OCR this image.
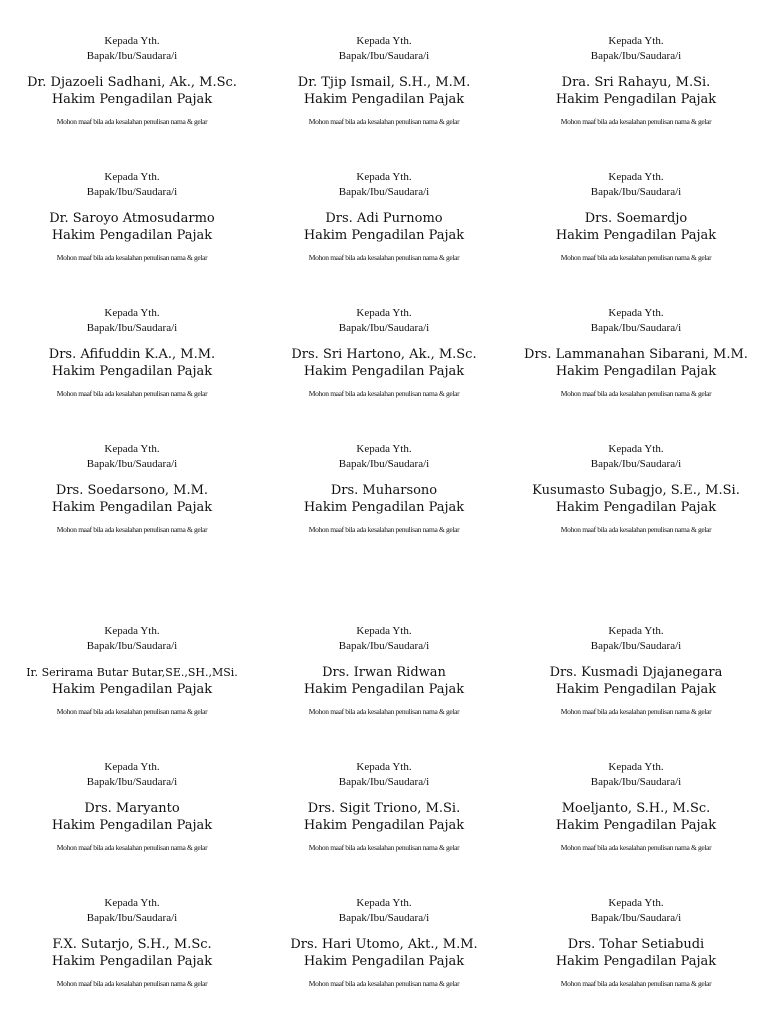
Kepada Yth.
Bapak/Ibu/Saudara/i
Dr. Djazoeli Sadhani, Ak., M.Sc.
Hakim Pengadilan Pajak
Mohon maaf bila ada kesalahan penulisan nama & gelar
Kepada Yth.
Bapak/Ibu/Saudara/i
Dr. Tjip Ismail, S.H., M.M.
Hakim Pengadilan Pajak
Mohon maaf bila ada kesalahan penulisan nama & gelar
Kepada Yth.
Bapak/Ibu/Saudara/i
Dra. Sri Rahayu, M.Si.
Hakim Pengadilan Pajak
Mohon maaf bila ada kesalahan penulisan nama & gelar
Kepada Yth.
Bapak/Ibu/Saudara/i
Dr. Saroyo Atmosudarmo
Hakim Pengadilan Pajak
Mohon maaf bila ada kesalahan penulisan nama & gelar
Kepada Yth.
Bapak/Ibu/Saudara/i
Drs. Adi Purnomo
Hakim Pengadilan Pajak
Mohon maaf bila ada kesalahan penulisan nama & gelar
Kepada Yth.
Bapak/Ibu/Saudara/i
Drs. Soemardjo
Hakim Pengadilan Pajak
Mohon maaf bila ada kesalahan penulisan nama & gelar
Kepada Yth.
Bapak/Ibu/Saudara/i
Drs. Afifuddin K.A., M.M.
Hakim Pengadilan Pajak
Mohon maaf bila ada kesalahan penulisan nama & gelar
Kepada Yth.
Bapak/Ibu/Saudara/i
Drs. Sri Hartono, Ak., M.Sc.
Hakim Pengadilan Pajak
Mohon maaf bila ada kesalahan penulisan nama & gelar
Kepada Yth.
Bapak/Ibu/Saudara/i
Drs. Lammanahan Sibarani, M.M.
Hakim Pengadilan Pajak
Mohon maaf bila ada kesalahan penulisan nama & gelar
Kepada Yth.
Bapak/Ibu/Saudara/i
Drs. Soedarsono, M.M.
Hakim Pengadilan Pajak
Mohon maaf bila ada kesalahan penulisan nama & gelar
Kepada Yth.
Bapak/Ibu/Saudara/i
Drs. Muharsono
Hakim Pengadilan Pajak
Mohon maaf bila ada kesalahan penulisan nama & gelar
Kepada Yth.
Bapak/Ibu/Saudara/i
Kusumasto Subagjo, S.E., M.Si.
Hakim Pengadilan Pajak
Mohon maaf bila ada kesalahan penulisan nama & gelar
Kepada Yth.
Bapak/Ibu/Saudara/i
Ir. Serirama Butar Butar,SE.,SH.,MSi.
Hakim Pengadilan Pajak
Mohon maaf bila ada kesalahan penulisan nama & gelar
Kepada Yth.
Bapak/Ibu/Saudara/i
Drs. Irwan Ridwan
Hakim Pengadilan Pajak
Mohon maaf bila ada kesalahan penulisan nama & gelar
Kepada Yth.
Bapak/Ibu/Saudara/i
Drs. Kusmadi Djajanegara
Hakim Pengadilan Pajak
Mohon maaf bila ada kesalahan penulisan nama & gelar
Kepada Yth.
Bapak/Ibu/Saudara/i
Drs. Maryanto
Hakim Pengadilan Pajak
Mohon maaf bila ada kesalahan penulisan nama & gelar
Kepada Yth.
Bapak/Ibu/Saudara/i
Drs. Sigit Triono, M.Si.
Hakim Pengadilan Pajak
Mohon maaf bila ada kesalahan penulisan nama & gelar
Kepada Yth.
Bapak/Ibu/Saudara/i
Moeljanto, S.H., M.Sc.
Hakim Pengadilan Pajak
Mohon maaf bila ada kesalahan penulisan nama & gelar
Kepada Yth.
Bapak/Ibu/Saudara/i
F.X. Sutarjo, S.H., M.Sc.
Hakim Pengadilan Pajak
Mohon maaf bila ada kesalahan penulisan nama & gelar
Kepada Yth.
Bapak/Ibu/Saudara/i
Drs. Hari Utomo, Akt., M.M.
Hakim Pengadilan Pajak
Mohon maaf bila ada kesalahan penulisan nama & gelar
Kepada Yth.
Bapak/Ibu/Saudara/i
Drs. Tohar Setiabudi
Hakim Pengadilan Pajak
Mohon maaf bila ada kesalahan penulisan nama & gelar
